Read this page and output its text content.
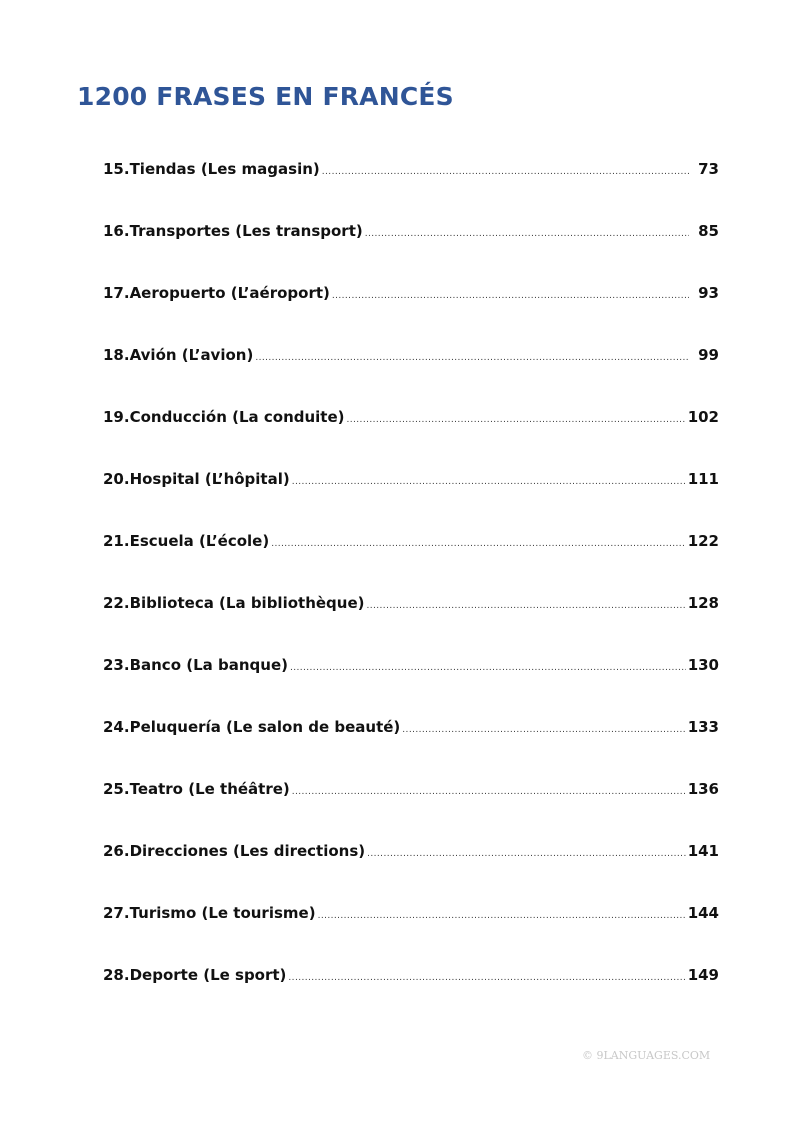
1200 FRASES EN FRANCÉS
15. Tiendas (Les magasin) .....	73
16. Transportes (Les transport) .....	85
17. Aeropuerto (L’aéroport) .....	93
18. Avión (L’avion) .....	99
19. Conducción (La conduite) .....	102
20. Hospital (L’hôpital) .....	111
21. Escuela (L’école) .....	122
22. Biblioteca (La bibliothèque) .....	128
23. Banco (La banque) .....	130
24. Peluquería (Le salon de beauté) .....	133
25. Teatro (Le théâtre) .....	136
26. Direcciones (Les directions) .....	141
27. Turismo (Le tourisme) .....	144
28. Deporte (Le sport) .....	149
© 9LANGUAGES.COM
